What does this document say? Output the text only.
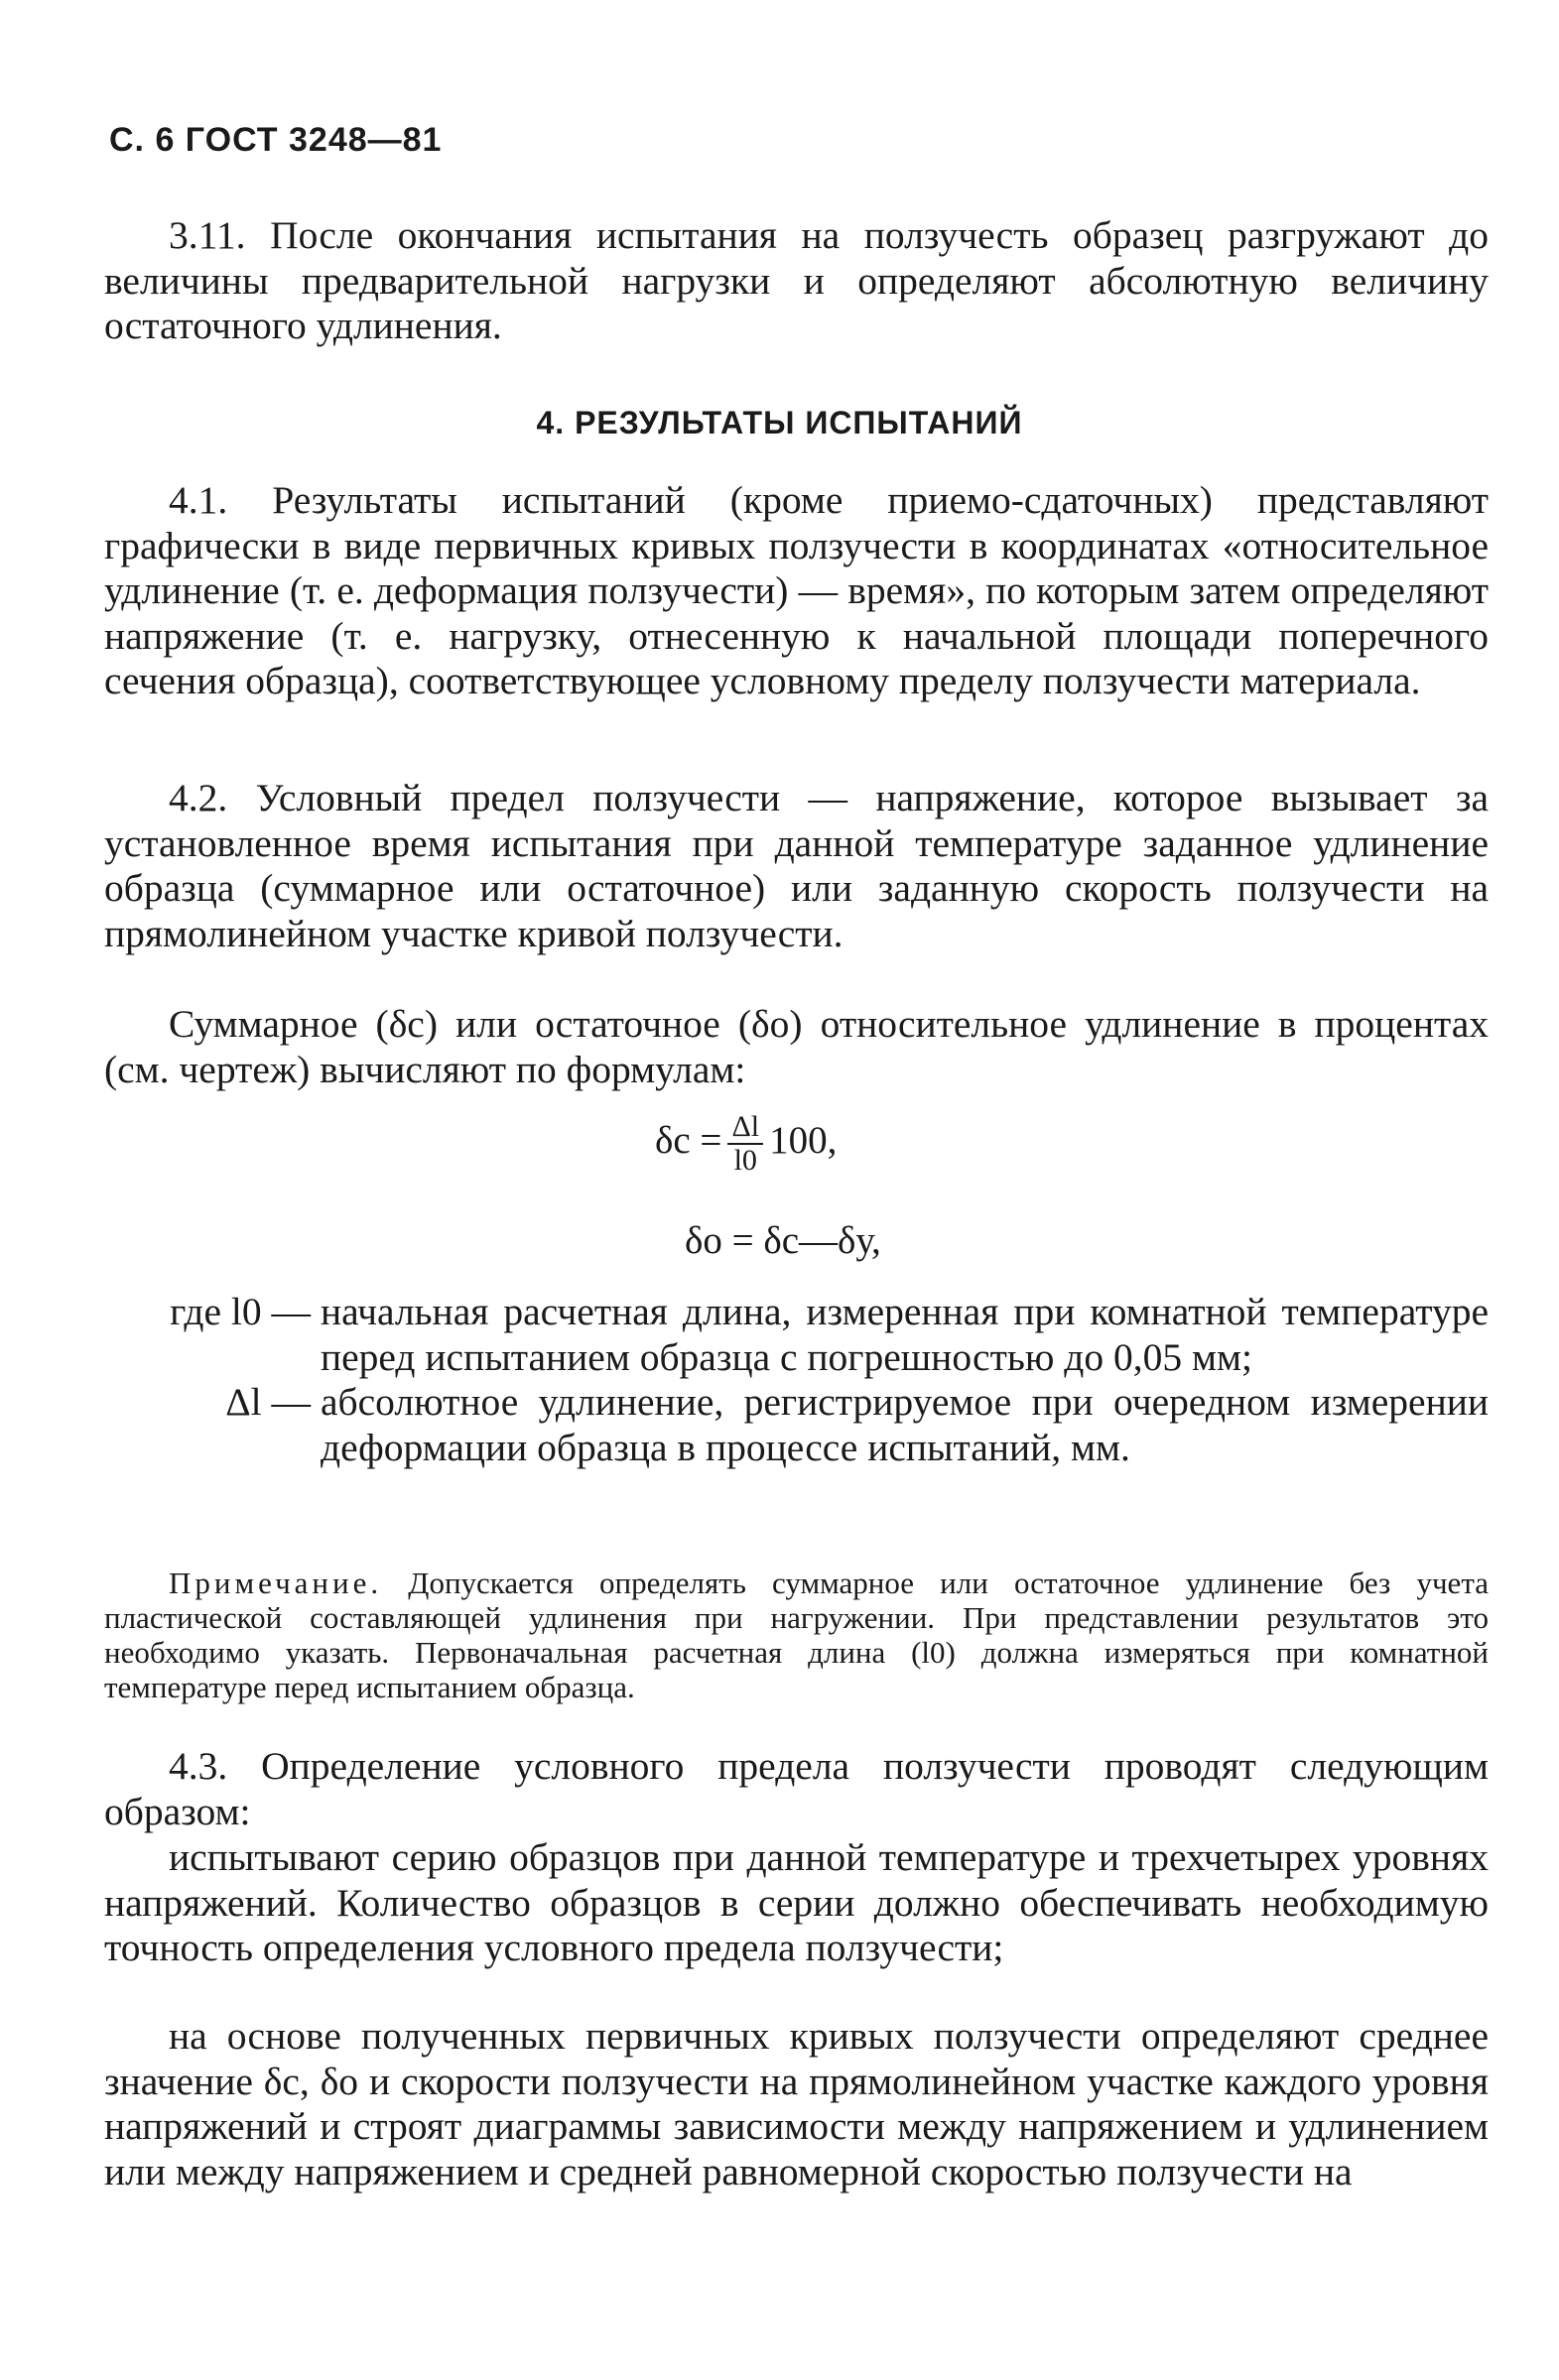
С. 6 ГОСТ 3248—81

3.11. После окончания испытания на ползучесть образец разгружают до величины предварительной нагрузки и определяют абсолютную величину остаточного удлинения.

4. РЕЗУЛЬТАТЫ ИСПЫТАНИЙ

4.1. Результаты испытаний (кроме приемо-сдаточных) представляют графически в виде первичных кривых ползучести в координатах «относительное удлинение (т. е. деформация ползучести) — время», по которым затем определяют напряжение (т. е. нагрузку, отнесенную к начальной площади поперечного сечения образца), соответствующее условному пределу ползучести материала.

4.2. Условный предел ползучести — напряжение, которое вызывает за установленное время испытания при данной температуре заданное удлинение образца (суммарное или остаточное) или заданную скорость ползучести на прямолинейном участке кривой ползучести.

Суммарное (δс) или остаточное (δо) относительное удлинение в процентах (см. чертеж) вычисляют по формулам:

$\delta с = \frac{\Delta l}{l0} 100$,
δо = δс—δу,
где l0 — начальная расчетная длина, измеренная при комнатной температуре перед испытанием образца с погрешностью до 0,05 мм;
Δl — абсолютное удлинение, регистрируемое при очередном измерении деформации образца в процессе испытаний, мм.

Примечание. Допускается определять суммарное или остаточное удлинение без учета пластической составляющей удлинения при нагружении. При представлении результатов это необходимо указать. Первоначальная расчетная длина (l0) должна измеряться при комнатной температуре перед испытанием образца.

4.3. Определение условного предела ползучести проводят следующим образом:

испытывают серию образцов при данной температуре и трехчетырех уровнях напряжений. Количество образцов в серии должно обеспечивать необходимую точность определения условного предела ползучести;

на основе полученных первичных кривых ползучести определяют среднее значение δс, δо и скорости ползучести на прямолинейном участке каждого уровня напряжений и строят диаграммы зависимости между напряжением и удлинением или между напряжением и средней равномерной скоростью ползучести на
